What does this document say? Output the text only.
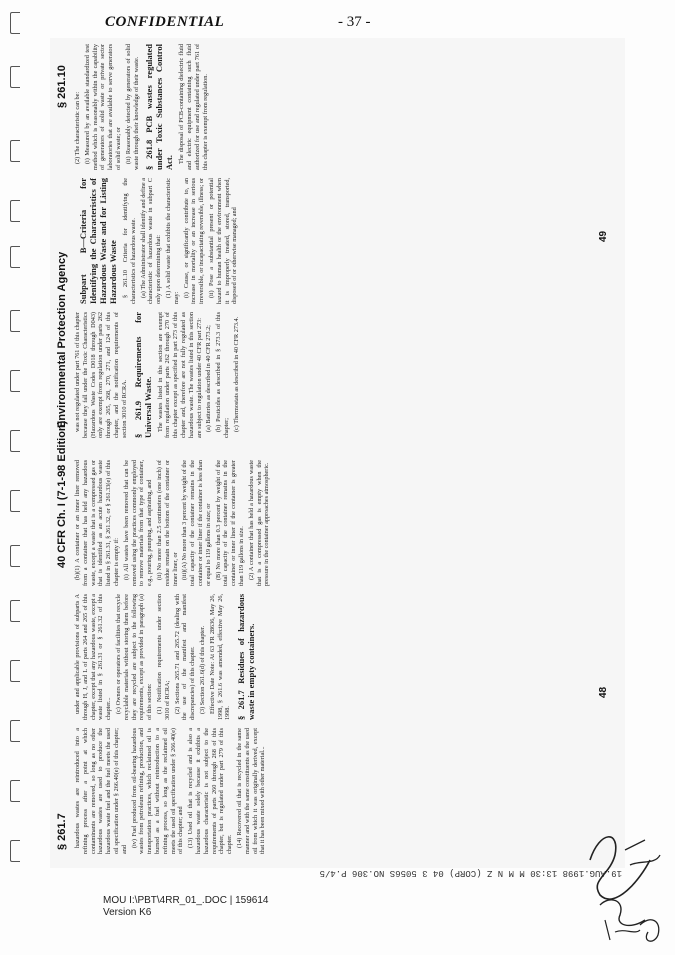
CONFIDENTIAL	- 37 -
§ 261.7
40 CFR Ch. I (7-1-98 Edition)
Environmental Protection Agency
§ 261.10

hazardous wastes are reintroduced into a refining process after a point at which contaminants are removed, so long as no other hazardous wastes are used to produce the hazardous waste fuel and the fuel meets the used oil specification under § 266.40(e) of this chapter; and

(iv) Fuel produced from oil-bearing hazardous wastes from petroleum refining, production, and transportation practices, which reclaimed oil is burned as a fuel without reintroduction to a refining process, so long as the reclaimed oil meets the used oil specification under § 266.40(e) of this chapter; and (13) Used oil that is recycled and is also a hazardous waste solely because it exhibits a hazardous characteristic is not subject to the requirements of parts 260 through 268 of this chapter, but is regulated under part 279 of this chapter. (14) Recovered oil that is recycled in the same manner and with the same constituents as the used oil from which it was originally derived, except that it has been mixed with other material...

under and applicable provisions of subparts A through H, J, and L of parts 264 and 265 of this chapter, except that any hazardous waste, except a waste listed in § 261.31 or § 261.32 of this chapter... (c) Owners or operators of facilities that recycle recyclable materials without storing them before they are recycled are subject to the following requirements, except as provided in paragraph (a) of this section: (1) Notification requirements under section 3010 of RCRA; (2) Sections 265.71 and 265.72 (dealing with the use of the manifest and manifest discrepancies) of this chapter. (3) Section 261.6(d) of this chapter. Effective Date Note: At 63 FR 28636, May 26, 1998, § 261.6 was amended, effective May 26, 1998. § 261.7 Residues of hazardous waste in empty containers.

(b)(1) A container or an inner liner removed from a container that has held any hazardous waste, except a waste that is a compressed gas or that is identified as an acute hazardous waste listed in § 261.31, § 261.32, or § 261.33(e) of this chapter is empty if: (i) All wastes have been removed that can be removed using the practices commonly employed to remove materials from that type of container, e.g., pouring, pumping, and aspirating, and (ii) No more than 2.5 centimeters (one inch) of residue remain on the bottom of the container or inner liner, or (iii)(A) No more than 3 percent by weight of the total capacity of the container remains in the container or inner liner if the container is less than or equal to 119 gallons in size; or (B) No more than 0.3 percent by weight of the total capacity of the container remains in the container or inner liner if the container is greater than 119 gallons in size. (2) A container that has held a hazardous waste that is a compressed gas is empty when the pressure in the container approaches atmospheric.

was not regulated under part 761 of this chapter because they fall under the Toxic Characteristics (Hazardous Waste Codes D018 through D043) only are exempt from regulation under parts 262 through 265, 268, 270, 271, and 124 of this chapter, and the notification requirements of section 3010 of RCRA. § 261.9 Requirements for Universal Waste. The wastes listed in this section are exempt from regulation under parts 262 through 270 of this chapter except as specified in part 273 of this chapter and, therefore are not fully regulated as hazardous waste. The wastes listed in this section are subject to regulation under 40 CFR part 273: (a) Batteries as described in 40 CFR 273.2; (b) Pesticides as described in § 273.3 of this chapter; (c) Thermostats as described in 40 CFR 273.4.

Subpart B—Criteria for Identifying the Characteristics of Hazardous Waste and for Listing Hazardous Waste § 261.10 Criteria for identifying the characteristics of hazardous waste. (a) The Administrator shall identify and define a characteristic of hazardous waste in subpart C only upon determining that: (1) A solid waste that exhibits the characteristic may: (i) Cause, or significantly contribute to, an increase in mortality or an increase in serious irreversible, or incapacitating reversible, illness; or (ii) Pose a substantial present or potential hazard to human health or the environment when it is improperly treated, stored, transported, disposed of or otherwise managed; and

(2) The characteristic can be: (i) Measured by an available standardized test method which is reasonably within the capability of generators of solid waste or private sector laboratories that are available to serve generators of solid waste; or (ii) Reasonably detected by generators of solid waste through their knowledge of their waste. § 261.8 PCB wastes regulated under Toxic Substances Control Act. The disposal of PCB-containing dielectric fluid and electric equipment containing such fluid authorized for use and regulated under part 761 of this chapter is exempt from regulation.

48
49
19.AUG.1998 13:30 M M N Z (CORP) 04 3 5056S NO.306 P.4/5
MOU I:\PBT\4RR_01_.DOC | 159614
Version K6
